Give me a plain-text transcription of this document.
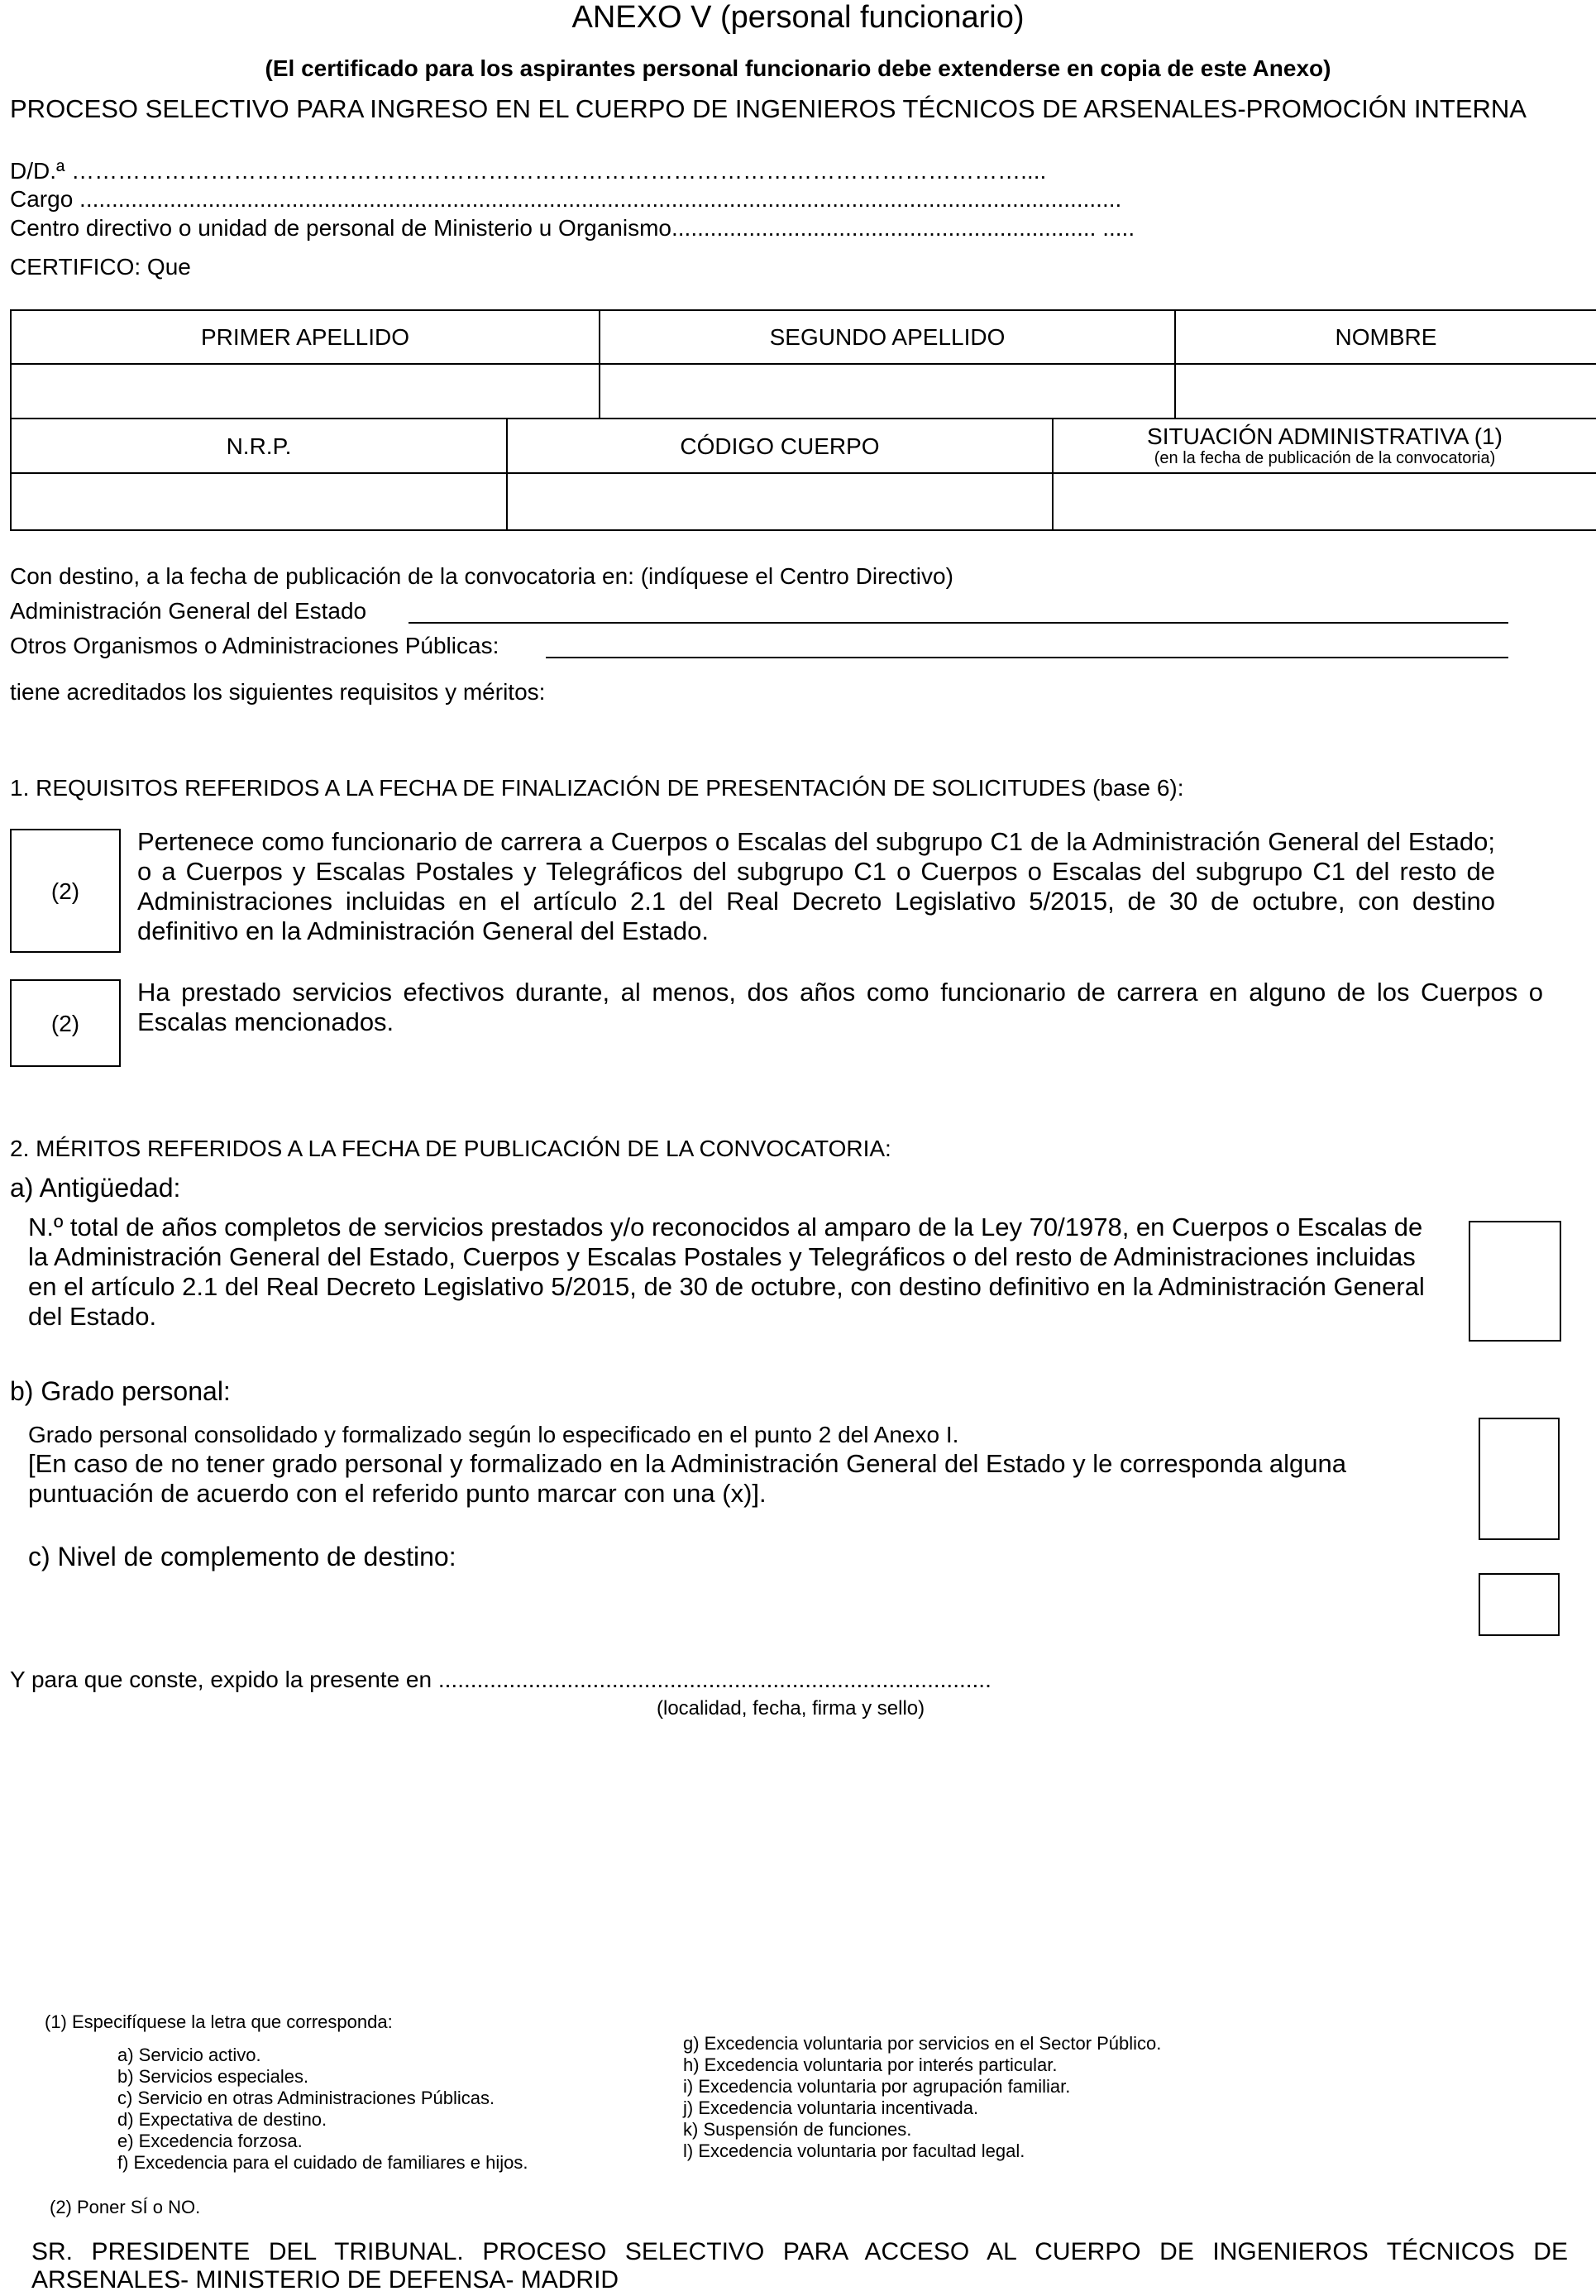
ANEXO V (personal funcionario)
(El certificado para los aspirantes personal funcionario debe extenderse en copia de este Anexo)
PROCESO SELECTIVO PARA INGRESO EN EL CUERPO DE INGENIEROS TÉCNICOS DE ARSENALES-PROMOCIÓN INTERNA
D/D.ª ……………………………………………………………………………………………………………....
Cargo ..................................................................................................................................................................
Centro directivo o unidad de personal de Ministerio u Organismo.................................................................. .....
CERTIFICO: Que
PRIMER APELLIDO	SEGUNDO APELLIDO	NOMBRE
N.R.P.	CÓDIGO CUERPO	SITUACIÓN ADMINISTRATIVA (1)
(en la fecha de publicación de la convocatoria)
Con destino, a la fecha de publicación de la convocatoria en: (indíquese el Centro Directivo)
Administración General del Estado
Otros Organismos o Administraciones Públicas:
tiene acreditados los siguientes requisitos y méritos:
1. REQUISITOS REFERIDOS A LA FECHA DE FINALIZACIÓN DE PRESENTACIÓN DE SOLICITUDES (base 6):
(2)
Pertenece como funcionario de carrera a Cuerpos o Escalas del subgrupo C1 de la Administración General del Estado; o a Cuerpos y Escalas Postales y Telegráficos del subgrupo C1 o Cuerpos o Escalas del subgrupo C1 del resto de Administraciones incluidas en el artículo 2.1 del Real Decreto Legislativo 5/2015, de 30 de octubre, con destino definitivo en la Administración General del Estado.
(2)
Ha prestado servicios efectivos durante, al menos, dos años como funcionario de carrera en alguno de los Cuerpos o Escalas mencionados.
2. MÉRITOS REFERIDOS A LA FECHA DE PUBLICACIÓN DE LA CONVOCATORIA:
a) Antigüedad:
N.º total de años completos de servicios prestados y/o reconocidos al amparo de la Ley 70/1978, en Cuerpos o Escalas de la Administración General del Estado, Cuerpos y Escalas Postales y Telegráficos o del resto de Administraciones incluidas en el artículo 2.1 del Real Decreto Legislativo 5/2015, de 30 de octubre, con destino definitivo en la Administración General del Estado.
b) Grado personal:
Grado personal consolidado y formalizado según lo especificado en el punto 2 del Anexo I.
[En caso de no tener grado personal y formalizado en la Administración General del Estado y le corresponda alguna puntuación de acuerdo con el referido punto marcar con una (x)].
c) Nivel de complemento de destino:
Y para que conste, expido la presente en ......................................................................................
(localidad, fecha, firma y sello)
(1) Especifíquese la letra que corresponda:
a) Servicio activo.
b) Servicios especiales.
c) Servicio en otras Administraciones Públicas.
d) Expectativa de destino.
e) Excedencia forzosa.
f) Excedencia para el cuidado de familiares e hijos.
g) Excedencia voluntaria por servicios en el Sector Público.
h) Excedencia voluntaria por interés particular.
i) Excedencia voluntaria por agrupación familiar.
j) Excedencia voluntaria incentivada.
k) Suspensión de funciones.
l) Excedencia voluntaria por facultad legal.
(2) Poner SÍ o NO.
SR. PRESIDENTE DEL TRIBUNAL. PROCESO SELECTIVO PARA ACCESO AL CUERPO DE INGENIEROS TÉCNICOS DE ARSENALES- MINISTERIO DE DEFENSA- MADRID
